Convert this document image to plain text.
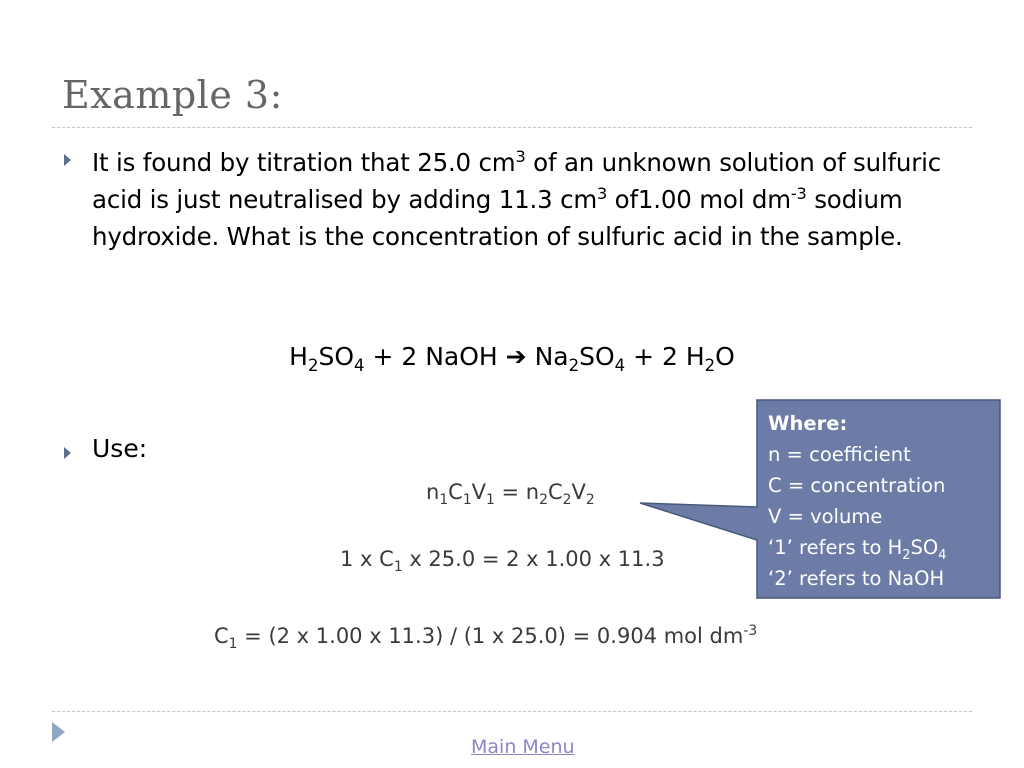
Example 3:
It is found by titration that 25.0 $cm^3$ of an unknown solution of sulfuric acid is just neutralised by adding 11.3 $cm^3$ of1.00 mol $dm^{-3}$ sodium hydroxide. What is the concentration of sulfuric acid in the sample.
$H_2SO_4 + 2$ NaOH ➔ $Na_2SO_4 + 2$ $H_2O$
Use:
$n_1C_1V_1 = n_2C_2V_2$
1 x $C_1$ x 25.0 = 2 x 1.00 x 11.3
$C_1 = (2$ x 1.00 x 11.3) / (1 x 25.0) = 0.904 mol $dm^{-3}$
Where:
n = coefficient
C = concentration
V = volume
‘1’ refers to $H_2SO_4$
‘2’ refers to NaOH
Main Menu
